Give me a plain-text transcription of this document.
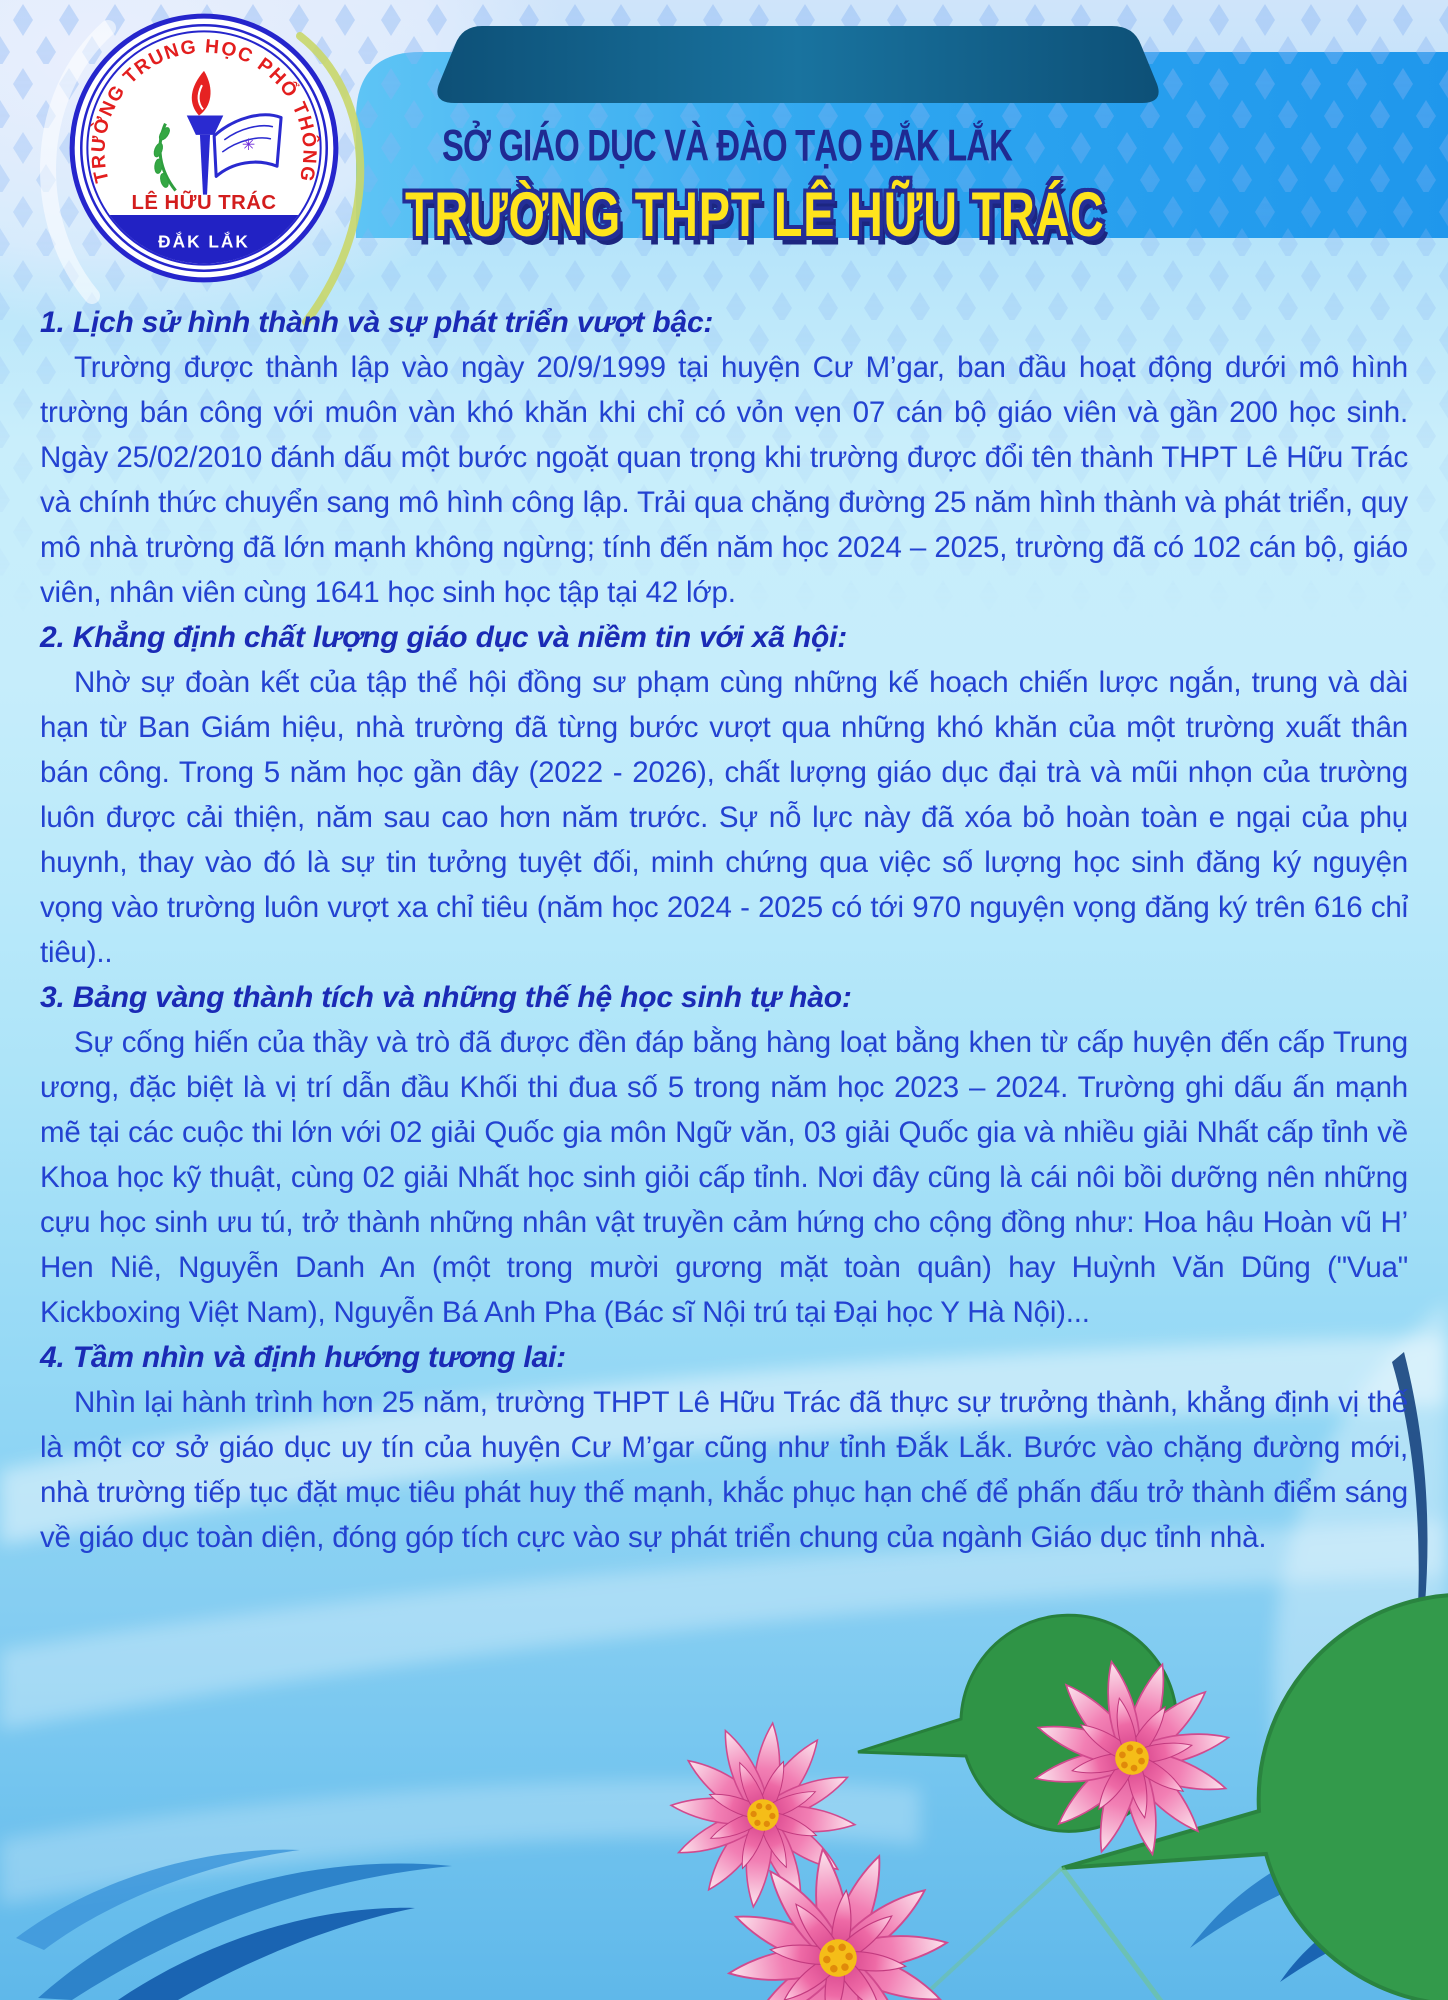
SỞ GIÁO DỤC VÀ ĐÀO TẠO ĐẮK LẮK
TRƯỜNG THPT LÊ HỮU TRÁC
TRƯỜNG TRUNG HỌC PHỔ THÔNG
✳
LÊ HỮU TRÁC
ĐẮK LẮK
1. Lịch sử hình thành và sự phát triển vượt bậc:

Trường được thành lập vào ngày 20/9/1999 tại huyện Cư M’gar, ban đầu hoạt động dưới mô hình trường bán công với muôn vàn khó khăn khi chỉ có vỏn vẹn 07 cán bộ giáo viên và gần 200 học sinh. Ngày 25/02/2010 đánh dấu một bước ngoặt quan trọng khi trường được đổi tên thành THPT Lê Hữu Trác và chính thức chuyển sang mô hình công lập. Trải qua chặng đường 25 năm hình thành và phát triển, quy mô nhà trường đã lớn mạnh không ngừng; tính đến năm học 2024 – 2025, trường đã có 102 cán bộ, giáo viên, nhân viên cùng 1641 học sinh học tập tại 42 lớp.

2. Khẳng định chất lượng giáo dục và niềm tin với xã hội:

Nhờ sự đoàn kết của tập thể hội đồng sư phạm cùng những kế hoạch chiến lược ngắn, trung và dài hạn từ Ban Giám hiệu, nhà trường đã từng bước vượt qua những khó khăn của một trường xuất thân bán công. Trong 5 năm học gần đây (2022 - 2026), chất lượng giáo dục đại trà và mũi nhọn của trường luôn được cải thiện, năm sau cao hơn năm trước. Sự nỗ lực này đã xóa bỏ hoàn toàn e ngại của phụ huynh, thay vào đó là sự tin tưởng tuyệt đối, minh chứng qua việc số lượng học sinh đăng ký nguyện vọng vào trường luôn vượt xa chỉ tiêu (năm học 2024 - 2025 có tới 970 nguyện vọng đăng ký trên 616 chỉ tiêu)..

3. Bảng vàng thành tích và những thế hệ học sinh tự hào:

Sự cống hiến của thầy và trò đã được đền đáp bằng hàng loạt bằng khen từ cấp huyện đến cấp Trung ương, đặc biệt là vị trí dẫn đầu Khối thi đua số 5 trong năm học 2023 – 2024. Trường ghi dấu ấn mạnh mẽ tại các cuộc thi lớn với 02 giải Quốc gia môn Ngữ văn, 03 giải Quốc gia và nhiều giải Nhất cấp tỉnh về Khoa học kỹ thuật, cùng 02 giải Nhất học sinh giỏi cấp tỉnh. Nơi đây cũng là cái nôi bồi dưỡng nên những cựu học sinh ưu tú, trở thành những nhân vật truyền cảm hứng cho cộng đồng như: Hoa hậu Hoàn vũ H’ Hen Niê, Nguyễn Danh An (một trong mười gương mặt toàn quân) hay Huỳnh Văn Dũng ("Vua" Kickboxing Việt Nam), Nguyễn Bá Anh Pha (Bác sĩ Nội trú tại Đại học Y Hà Nội)...

4. Tầm nhìn và định hướng tương lai:

Nhìn lại hành trình hơn 25 năm, trường THPT Lê Hữu Trác đã thực sự trưởng thành, khẳng định vị thế là một cơ sở giáo dục uy tín của huyện Cư M’gar cũng như tỉnh Đắk Lắk. Bước vào chặng đường mới, nhà trường tiếp tục đặt mục tiêu phát huy thế mạnh, khắc phục hạn chế để phấn đấu trở thành điểm sáng về giáo dục toàn diện, đóng góp tích cực vào sự phát triển chung của ngành Giáo dục tỉnh nhà.
